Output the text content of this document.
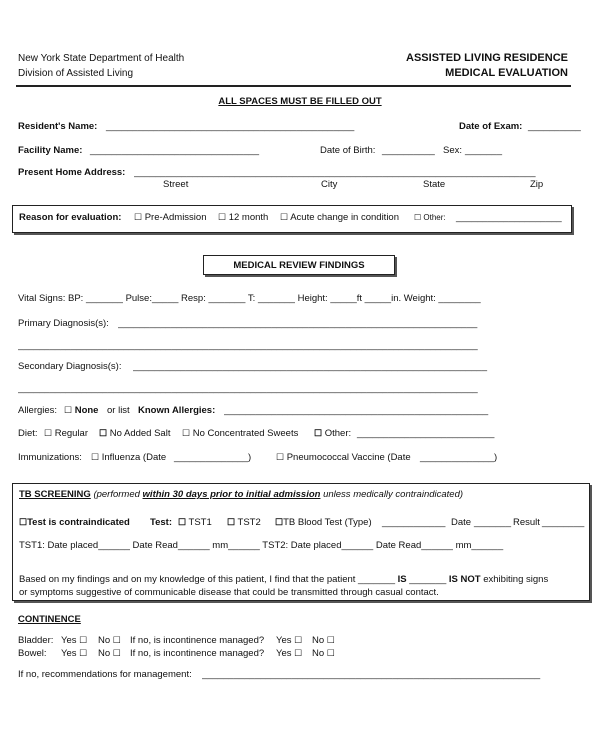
New York State Department of Health
Division of Assisted Living
ASSISTED LIVING RESIDENCE
MEDICAL EVALUATION
ALL SPACES MUST BE FILLED OUT
Resident's Name: _______________________________________________	Date of Exam: __________
Facility Name: ________________________________	Date of Birth: __________ Sex: _______
Present Home Address: ____________________________________________________________________________
Street	City	State	Zip
Reason for evaluation: ☐ Pre-Admission ☐ 12 month ☐ Acute change in condition ☐ Other: ____________________
MEDICAL REVIEW FINDINGS
Vital Signs: BP: _______ Pulse:_____ Resp: _______ T: _______ Height: _____ft _____in. Weight: ________
Primary Diagnosis(s): ____________________________________________________________________
_______________________________________________________________________________________
Secondary Diagnosis(s): ___________________________________________________________________
_______________________________________________________________________________________
Allergies: ☐ None or list Known Allergies: __________________________________________________
Diet: ☐ Regular ☐ No Added Salt ☐ No Concentrated Sweets ☐ Other: __________________________
Immunizations: ☐ Influenza (Date ______________)	☐ Pneumococcal Vaccine (Date ______________)
TB SCREENING (performed within 30 days prior to initial admission unless medically contraindicated)
☐Test is contraindicated Test: ☐ TST1 ☐ TST2 ☐TB Blood Test (Type) ____________ Date _______ Result ________
TST1: Date placed______ Date Read______ mm______ TST2: Date placed______ Date Read______ mm______
Based on my findings and on my knowledge of this patient, I find that the patient _______ IS _______ IS NOT exhibiting signs
or symptoms suggestive of communicable disease that could be transmitted through casual contact.
CONTINENCE
Bladder: Yes ☐ No ☐ If no, is incontinence managed? Yes ☐ No ☐
Bowel: Yes ☐ No ☐ If no, is incontinence managed? Yes ☐ No ☐
If no, recommendations for management: ________________________________________________________________
